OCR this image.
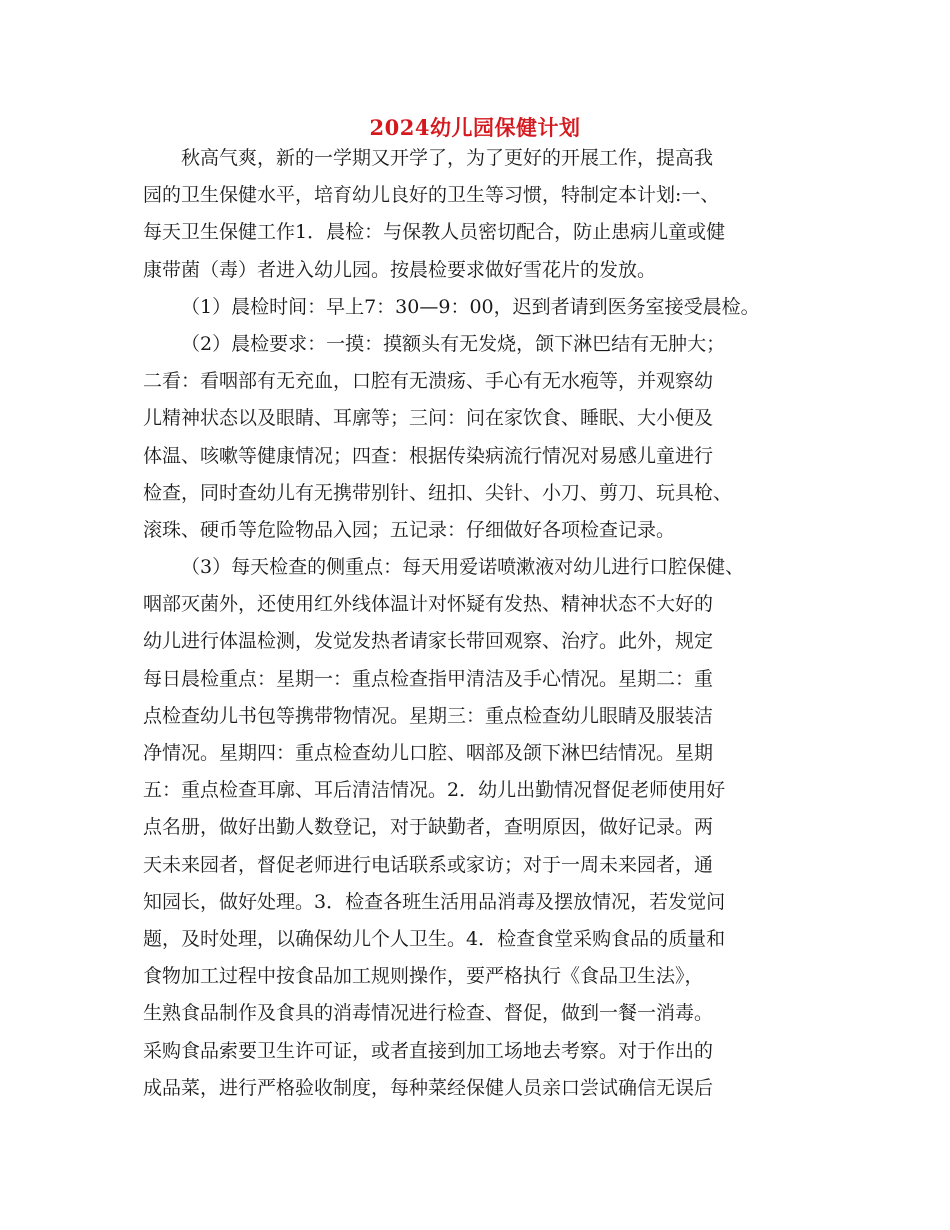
2024幼儿园保健计划
秋高气爽，新的一学期又开学了，为了更好的开展工作，提高我
园的卫生保健水平，培育幼儿良好的卫生等习惯，特制定本计划:一、
每天卫生保健工作1．晨检：与保教人员密切配合，防止患病儿童或健
康带菌（毒）者进入幼儿园。按晨检要求做好雪花片的发放。
（1）晨检时间：早上7：30—9：00，迟到者请到医务室接受晨检。
（2）晨检要求：一摸：摸额头有无发烧，颌下淋巴结有无肿大；
二看：看咽部有无充血，口腔有无溃疡、手心有无水疱等，并观察幼
儿精神状态以及眼睛、耳廓等；三问：问在家饮食、睡眠、大小便及
体温、咳嗽等健康情况；四查：根据传染病流行情况对易感儿童进行
检查，同时查幼儿有无携带别针、纽扣、尖针、小刀、剪刀、玩具枪、
滚珠、硬币等危险物品入园；五记录：仔细做好各项检查记录。
（3）每天检查的侧重点：每天用爱诺喷漱液对幼儿进行口腔保健、
咽部灭菌外，还使用红外线体温计对怀疑有发热、精神状态不大好的
幼儿进行体温检测，发觉发热者请家长带回观察、治疗。此外，规定
每日晨检重点：星期一：重点检查指甲清洁及手心情况。星期二：重
点检查幼儿书包等携带物情况。星期三：重点检查幼儿眼睛及服装洁
净情况。星期四：重点检查幼儿口腔、咽部及颌下淋巴结情况。星期
五：重点检查耳廓、耳后清洁情况。2．幼儿出勤情况督促老师使用好
点名册，做好出勤人数登记，对于缺勤者，查明原因，做好记录。两
天未来园者，督促老师进行电话联系或家访；对于一周未来园者，通
知园长，做好处理。3．检查各班生活用品消毒及摆放情况，若发觉问
题，及时处理，以确保幼儿个人卫生。4．检查食堂采购食品的质量和
食物加工过程中按食品加工规则操作，要严格执行《食品卫生法》，
生熟食品制作及食具的消毒情况进行检查、督促，做到一餐一消毒。
采购食品索要卫生许可证，或者直接到加工场地去考察。对于作出的
成品菜，进行严格验收制度，每种菜经保健人员亲口尝试确信无误后
